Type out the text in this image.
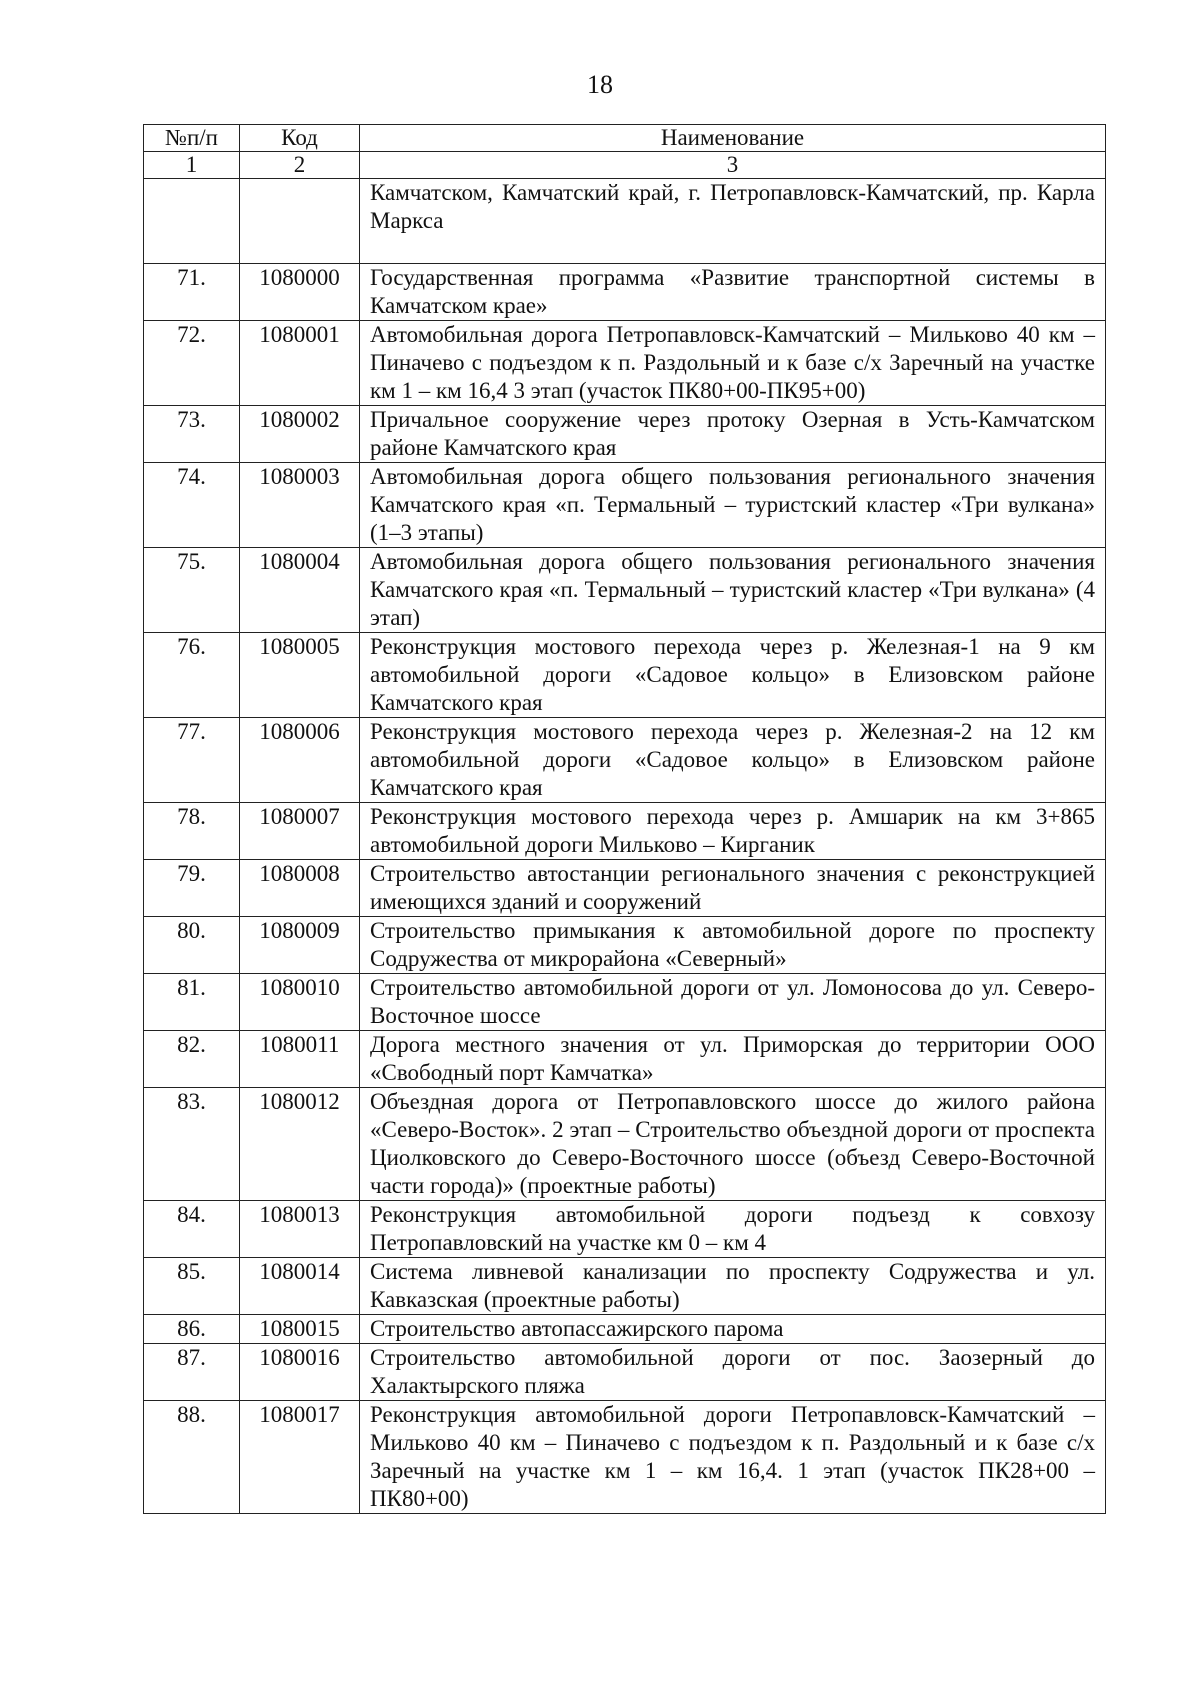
18
№п/п	Код	Наименование
1	2	3
		Камчатском, Камчатский край, г. Петропавловск-Камчатский, пр. Карла Маркса
71.	1080000	Государственная программа «Развитие транспортной системы в Камчатском крае»
72.	1080001	Автомобильная дорога Петропавловск-Камчатский – Мильково 40 км – Пиначево с подъездом к п. Раздольный и к базе с/х Заречный на участке км 1 – км 16,4 3 этап (участок ПК80+00-ПК95+00)
73.	1080002	Причальное сооружение через протоку Озерная в Усть-Камчатском районе Камчатского края
74.	1080003	Автомобильная дорога общего пользования регионального значения Камчатского края «п. Термальный – туристский кластер «Три вулкана» (1–3 этапы)
75.	1080004	Автомобильная дорога общего пользования регионального значения Камчатского края «п. Термальный – туристский кластер «Три вулкана» (4 этап)
76.	1080005	Реконструкция мостового перехода через р. Железная-1 на 9 км автомобильной дороги «Садовое кольцо» в Елизовском районе Камчатского края
77.	1080006	Реконструкция мостового перехода через р. Железная-2 на 12 км автомобильной дороги «Садовое кольцо» в Елизовском районе Камчатского края
78.	1080007	Реконструкция мостового перехода через р. Амшарик на км 3+865 автомобильной дороги Мильково – Кирганик
79.	1080008	Строительство автостанции регионального значения с реконструкцией имеющихся зданий и сооружений
80.	1080009	Строительство примыкания к автомобильной дороге по проспекту Содружества от микрорайона «Северный»
81.	1080010	Строительство автомобильной дороги от ул. Ломоносова до ул. Северо-Восточное шоссе
82.	1080011	Дорога местного значения от ул. Приморская до территории ООО «Свободный порт Камчатка»
83.	1080012	Объездная дорога от Петропавловского шоссе до жилого района «Северо-Восток». 2 этап – Строительство объездной дороги от проспекта Циолковского до Северо-Восточного шоссе (объезд Северо-Восточной части города)» (проектные работы)
84.	1080013	Реконструкция автомобильной дороги подъезд к совхозу Петропавловский на участке км 0 – км 4
85.	1080014	Система ливневой канализации по проспекту Содружества и ул. Кавказская (проектные работы)
86.	1080015	Строительство автопассажирского парома
87.	1080016	Строительство автомобильной дороги от пос. Заозерный до Халактырского пляжа
88.	1080017	Реконструкция автомобильной дороги Петропавловск-Камчатский – Мильково 40 км – Пиначево с подъездом к п. Раздольный и к базе с/х Заречный на участке км 1 – км 16,4. 1 этап (участок ПК28+00 – ПК80+00)
